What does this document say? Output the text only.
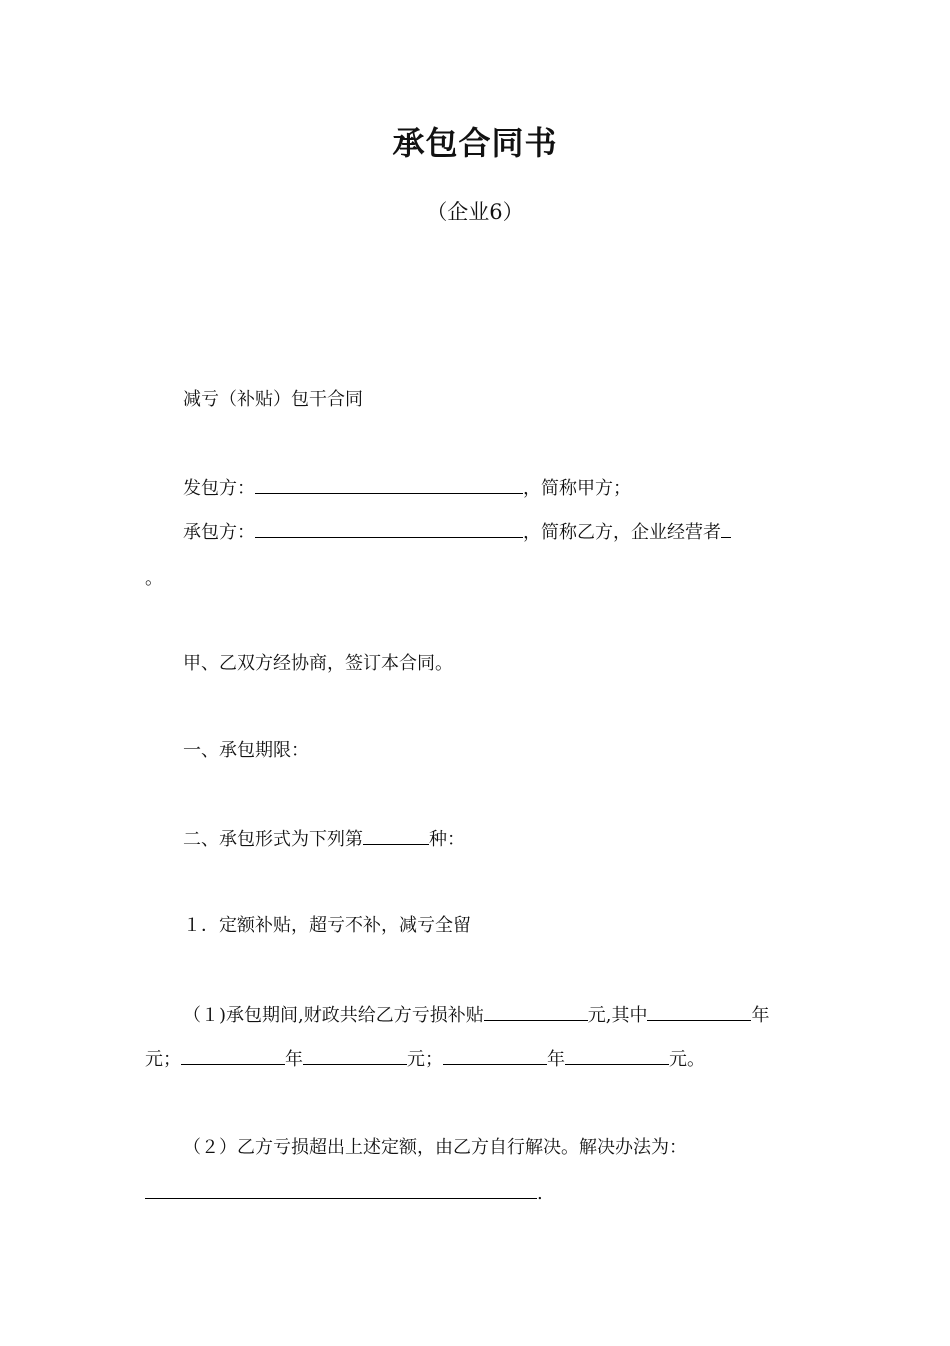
承包合同书
（企业6）
减亏（补贴）包干合同
发包方：	，简称甲方；
承包方：	，简称乙方，企业经营者
。
甲、乙双方经协商，签订本合同。
一、承包期限：
二、承包形式为下列第	种：
１．定额补贴，超亏不补，减亏全留
（１)承包期间,财政共给乙方亏损补贴	元,其中	年
元；	年	元；	年	元。
（２）乙方亏损超出上述定额，由乙方自行解决。解决办法为：
.
